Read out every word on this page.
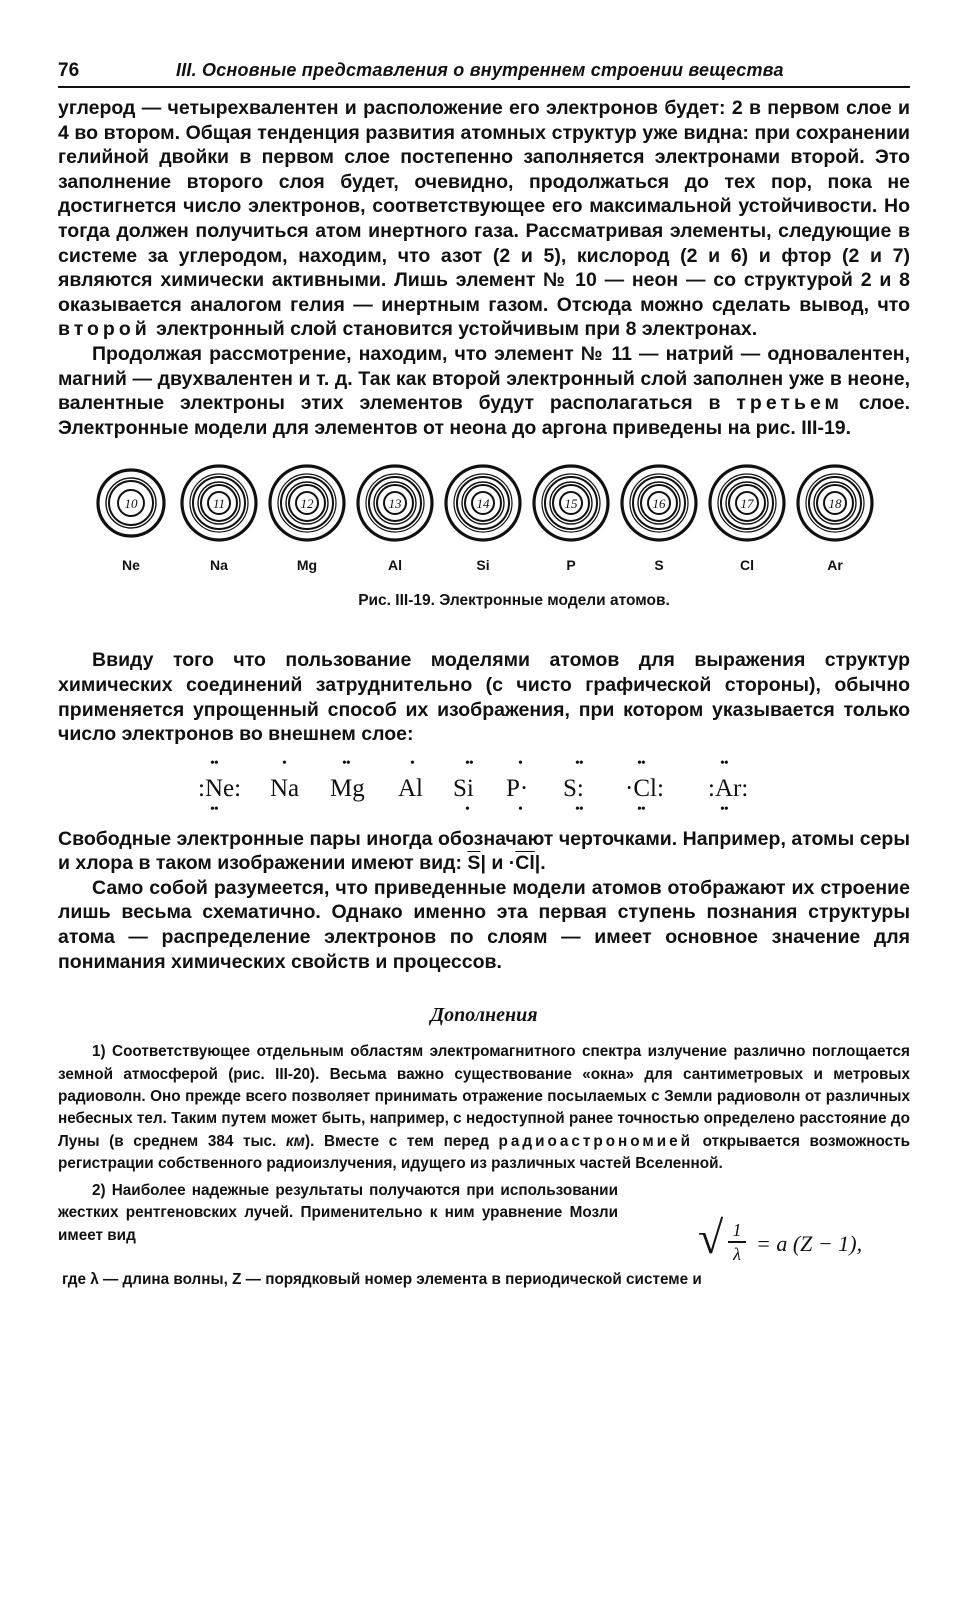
76	III. Основные представления о внутреннем строении вещества

углерод — четырехвалентен и расположение его электронов будет: 2 в первом слое и 4 во втором. Общая тенденция развития атомных структур уже видна: при сохранении гелийной двойки в первом слое постепенно заполняется электронами второй. Это заполнение второго слоя будет, очевидно, продолжаться до тех пор, пока не достигнется число электронов, соответствующее его максимальной устойчивости. Но тогда должен получиться атом инертного газа. Рассматривая элементы, следующие в системе за углеродом, находим, что азот (2 и 5), кислород (2 и 6) и фтор (2 и 7) являются химически активными. Лишь элемент № 10 — неон — со структурой 2 и 8 оказывается аналогом гелия — инертным газом. Отсюда можно сделать вывод, что второй электронный слой становится устойчивым при 8 электронах.

Продолжая рассмотрение, находим, что элемент № 11 — натрий — одновалентен, магний — двухвалентен и т. д. Так как второй электронный слой заполнен уже в неоне, валентные электроны этих элементов будут располагаться в третьем слое. Электронные модели для элементов от неона до аргона приведены на рис. III-19.

10
Ne
11
Na
12
Mg
13
Al
14
Si
15
P
16
S
17
Cl
18
Ar
Рис. III-19. Электронные модели атомов.

Ввиду того что пользование моделями атомов для выражения структур химических соединений затруднительно (с чисто графической стороны), обычно применяется упрощенный способ их изображения, при котором указывается только число электронов во внешнем слое:

:Ne:
••
••
Na
•
Mg
••
Al
•
Si
••
•
P·
•
•
S:
••
••
·Cl:
••
••
:Ar:
••
••

Свободные электронные пары иногда обозначают черточками. Например, атомы серы и хлора в таком изображении имеют вид: $\overline{S}|$ $и \cdot\overline{Cl}|$.

Само собой разумеется, что приведенные модели атомов отображают их строение лишь весьма схематично. Однако именно эта первая ступень познания структуры атома — распределение электронов по слоям — имеет основное значение для понимания химических свойств и процессов.

Дополнения

1) Соответствующее отдельным областям электромагнитного спектра излучение различно поглощается земной атмосферой (рис. III-20). Весьма важно существование «окна» для сантиметровых и метровых радиоволн. Оно прежде всего позволяет принимать отражение посылаемых с Земли радиоволн от различных небесных тел. Таким путем может быть, например, с недоступной ранее точностью определено расстояние до Луны (в среднем 384 тыс. км). Вместе с тем перед радиоастрономией открывается возможность регистрации собственного радиоизлучения, идущего из различных частей Вселенной.

2) Наиболее надежные результаты получаются при использовании жестких рентгеновских лучей. Применительно к ним уравнение Мозли имеет вид	√ 1
λ = a (Z − 1),

где λ — длина волны, Z — порядковый номер элемента в периодической системе и
